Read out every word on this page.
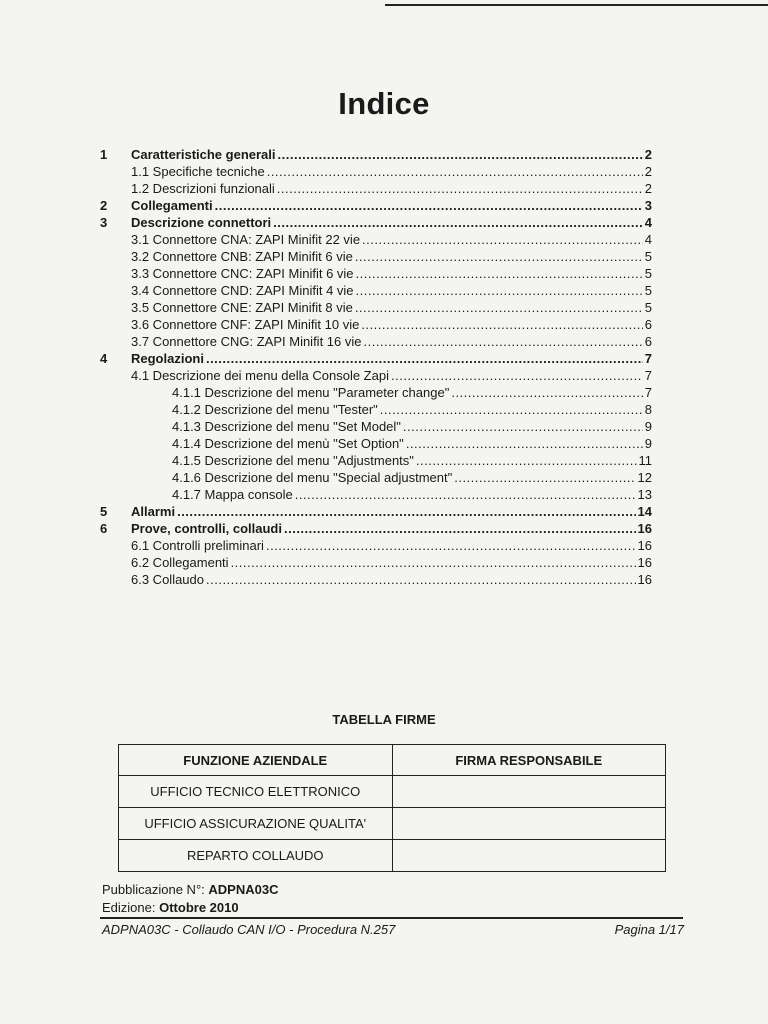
Indice
1 Caratteristiche generali .....	2
1.1 Specifiche tecniche .....	2
1.2 Descrizioni funzionali .....	2
2 Collegamenti .....	3
3 Descrizione connettori .....	4
3.1 Connettore CNA: ZAPI Minifit 22 vie .....	4
3.2 Connettore CNB: ZAPI Minifit 6 vie .....	5
3.3 Connettore CNC: ZAPI Minifit 6 vie .....	5
3.4 Connettore CND: ZAPI Minifit 4 vie .....	5
3.5 Connettore CNE: ZAPI Minifit 8 vie .....	5
3.6 Connettore CNF: ZAPI Minifit 10 vie .....	6
3.7 Connettore CNG: ZAPI Minifit 16 vie .....	6
4 Regolazioni .....	7
4.1 Descrizione dei menu della Console Zapi .....	7
4.1.1 Descrizione del menu "Parameter change" .....	7
4.1.2 Descrizione del menu "Tester" .....	8
4.1.3 Descrizione del menu "Set Model" .....	9
4.1.4 Descrizione del menù "Set Option" .....	9
4.1.5 Descrizione del menu "Adjustments" .....	11
4.1.6 Descrizione del menu "Special adjustment" .....	12
4.1.7 Mappa console .....	13
5 Allarmi .....	14
6 Prove, controlli, collaudi .....	16
6.1 Controlli preliminari .....	16
6.2 Collegamenti .....	16
6.3 Collaudo .....	16
TABELLA FIRME
FUNZIONE AZIENDALE	FIRMA RESPONSABILE
UFFICIO TECNICO ELETTRONICO	
UFFICIO ASSICURAZIONE QUALITA'	
REPARTO COLLAUDO	
Pubblicazione N°: ADPNA03C
Edizione: Ottobre 2010
ADPNA03C - Collaudo CAN I/O - Procedura N.257	Pagina 1/17
